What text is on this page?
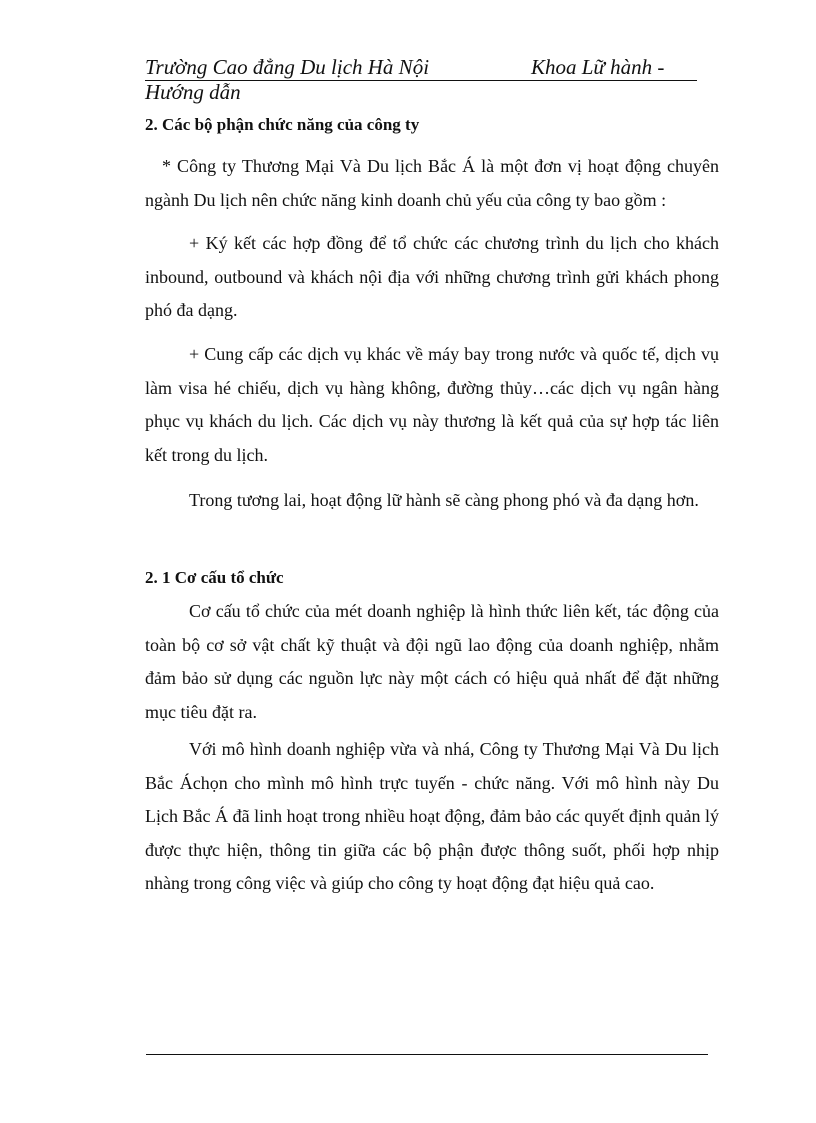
Trường Cao đẳng Du lịch Hà Nội	Khoa Lữ hành -
Hướng dẫn
2. Các bộ phận chức năng của công ty

* Công ty Thương Mại Và Du lịch Bắc Á là một đơn vị hoạt động chuyên ngành Du lịch nên chức năng kinh doanh chủ yếu của công ty bao gồm :

+ Ký kết các hợp đồng để tổ chức các chương trình du lịch cho khách inbound, outbound và khách nội địa với những chương trình gửi khách phong phó đa dạng.

+ Cung cấp các dịch vụ khác về máy bay trong nước và quốc tế, dịch vụ làm visa hé chiếu, dịch vụ hàng không, đường thủy…các dịch vụ ngân hàng phục vụ khách du lịch. Các dịch vụ này thương là kết quả của sự hợp tác liên kết trong du lịch.

Trong tương lai, hoạt động lữ hành sẽ càng phong phó và đa dạng hơn.

2. 1 Cơ cấu tổ chức

Cơ cấu tổ chức của mét doanh nghiệp là hình thức liên kết, tác động của toàn bộ cơ sở vật chất kỹ thuật và đội ngũ lao động của doanh nghiệp, nhằm đảm bảo sử dụng các nguồn lực này một cách có hiệu quả nhất để đặt những mục tiêu đặt ra.

Với mô hình doanh nghiệp vừa và nhá, Công ty Thương Mại Và Du lịch Bắc Áchọn cho mình mô hình trực tuyến - chức năng. Với mô hình này Du Lịch Bắc Á đã linh hoạt trong nhiều hoạt động, đảm bảo các quyết định quản lý được thực hiện, thông tin giữa các bộ phận được thông suốt, phối hợp nhịp nhàng trong công việc và giúp cho công ty hoạt động đạt hiệu quả cao.
